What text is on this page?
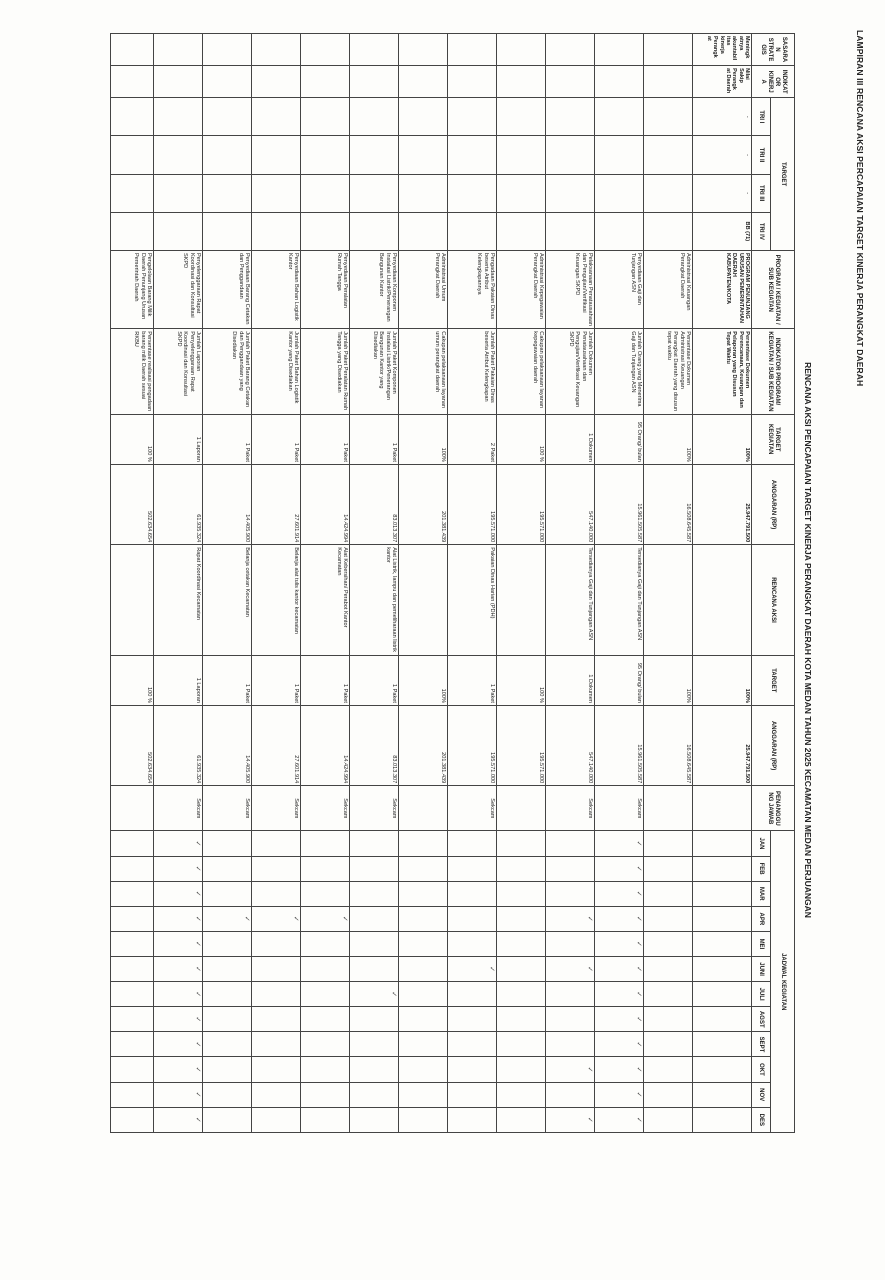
LAMPIRAN III RENCANA AKSI PERCAPAIAN TARGET KINERJA PERANGKAT DAERAH
RENCANA AKSI PENCAPAIAN TARGET KINERJA PERANGKAT DAERAH KOTA MEDAN TAHUN 2025 KECAMATAN MEDAN PERJUANGAN
SASARA N STRATE GIS	INDIKAT OR KINERJ A	TARGET				PROGRAM / KEGIATAN / SUB KEGIATAN	INDIKATOR PROGRAM/ KEGIATAN / SUB KEGIATAN	TARGET KEGIATAN	ANGGARAN (RP)	RENCANA AKSI	TARGET	ANGGARAN (RP)	PENANGGU NG JAWAB	JADWAL KEGIATAN											
		TRI I	TRI II	TRI III	TRI IV									JAN	FEB	MAR	APR	MEI	JUNI	JULI	AGST	SEPT	OKT	NOV	DES
Meningk atnya akuntabil itas kinerja Perangk at	Nilai Sakip Perangk at Daerah	-	-	-	BB (71)	PROGRAM PENUNJANG URUSAN PEMERINTAHAN DAERAH KABUPATEN/KOTA	Persentase Dokumen Perencanaan, Keuangan dan Pelaporan yang Disusun Tepat Waktu	100%	25.947.791.500		100%	25.947.791.500													
						Administrasi Keuangan Perangkat Daerah	Persentase Dokumen Administrasi Keuangan Perangkat Daerah yang disusun tepat waktu	100%	16.508.645.587		100%	16.508.645.587													
						Penyediaan Gaji dan Tunjangan ASN	Jumlah Orang yang Menerima Gaji dan Tunjangan ASN	95 Orang/ bulan	15.961.505.587	Tersedianya Gaji dan Tunjangan ASN	95 Orang/ bulan	15.961.505.587	Sekcam	✓	✓	✓	✓	✓	✓	✓	✓	✓	✓	✓	✓
						Pelaksanaan Penatausahaan dan Pengujian/Verifikasi Keuangan SKPD	Jumlah Dokumen Penatausahaan dan Pengujian/Verifikasi Keuangan SKPD	1 Dokumen	547.140.000	Tersedianya Gaji dan Tunjangan ASN	1 Dokumen	547.140.000	Sekcam				✓		✓				✓		✓
						Administrasi Kepegawaian Perangkat Daerah	Cakupan pelaksanaan layanan kepegawaian daerah	100 %	195.571.000		100 %	195.571.000													
						Pengadaan Pakaian Dinas beserta Atribut Kelengkapannya	Jumlah Paket Pakaian Dinas beserta Atribut Kelengkapan	2 Paket	195.571.000	Pakaian Dinas Harian (PDH)	1 Paket	195.571.000	Sekcam						✓						
						Administrasi Umum Perangkat Daerah	Cakupan pelaksanaan layanan umum perangkat daerah	100%	201.381.439		100%	201.381.439													
						Penyediaan Komponen Instalasi Listrik/Penerangan Bangunan Kantor	Jumlah Paket Komponen Instalasi Listrik/Penerangan Bangunan Kantor yang Disediakan	1 Paket	83.013.307	Alat Listrik, lampu dan pemeliharaan listrik kantor	1 Paket	83.013.307	Sekcam							✓					
						Penyediaan Peralatan Rumah Tangga	Jumlah Paket Peralatan Rumah Tangga yang Disediakan	1 Paket	14.424.994	Alat Kebersihan/ Perabot Kantor Kecamatan	1 Paket	14.424.994	Sekcam				✓								
						Penyediaan Bahan Logistik Kantor	Jumlah Paket Bahan Logistik Kantor yang Disediakan	1 Paket	27.601.914	Belanja alat tulis kantor kecamatan	1 Paket	27.601.914	Sekcam				✓								
						Penyediaan Barang Cetakan dan Penggandaan	Jumlah Paket Barang Cetakan dan Penggandaan yang Disediakan	1 Paket	14.405.900	Belanja cetakan Kecamatan	1 Paket	14.405.900	Sekcam				✓								
						Penyelenggaraan Rapat Koordinasi dan Konsultasi SKPD	Jumlah Laporan Penyelenggaraan Rapat Koordinasi dan Konsultasi SKPD	1 Laporan	61.935.324	Rapat Koordinasi Kecamatan	1 Laporan	61.935.324	Sekcam	✓	✓	✓	✓	✓	✓	✓	✓	✓	✓	✓	✓
						Pengelolaan Barang Milik Daerah Penunjang Urusan Pemerintah Daerah	Persentase realisasi pengadaan barang milik Daerah sesuai RKBU	100 %	502.634.654		100 %	502.634.654													
